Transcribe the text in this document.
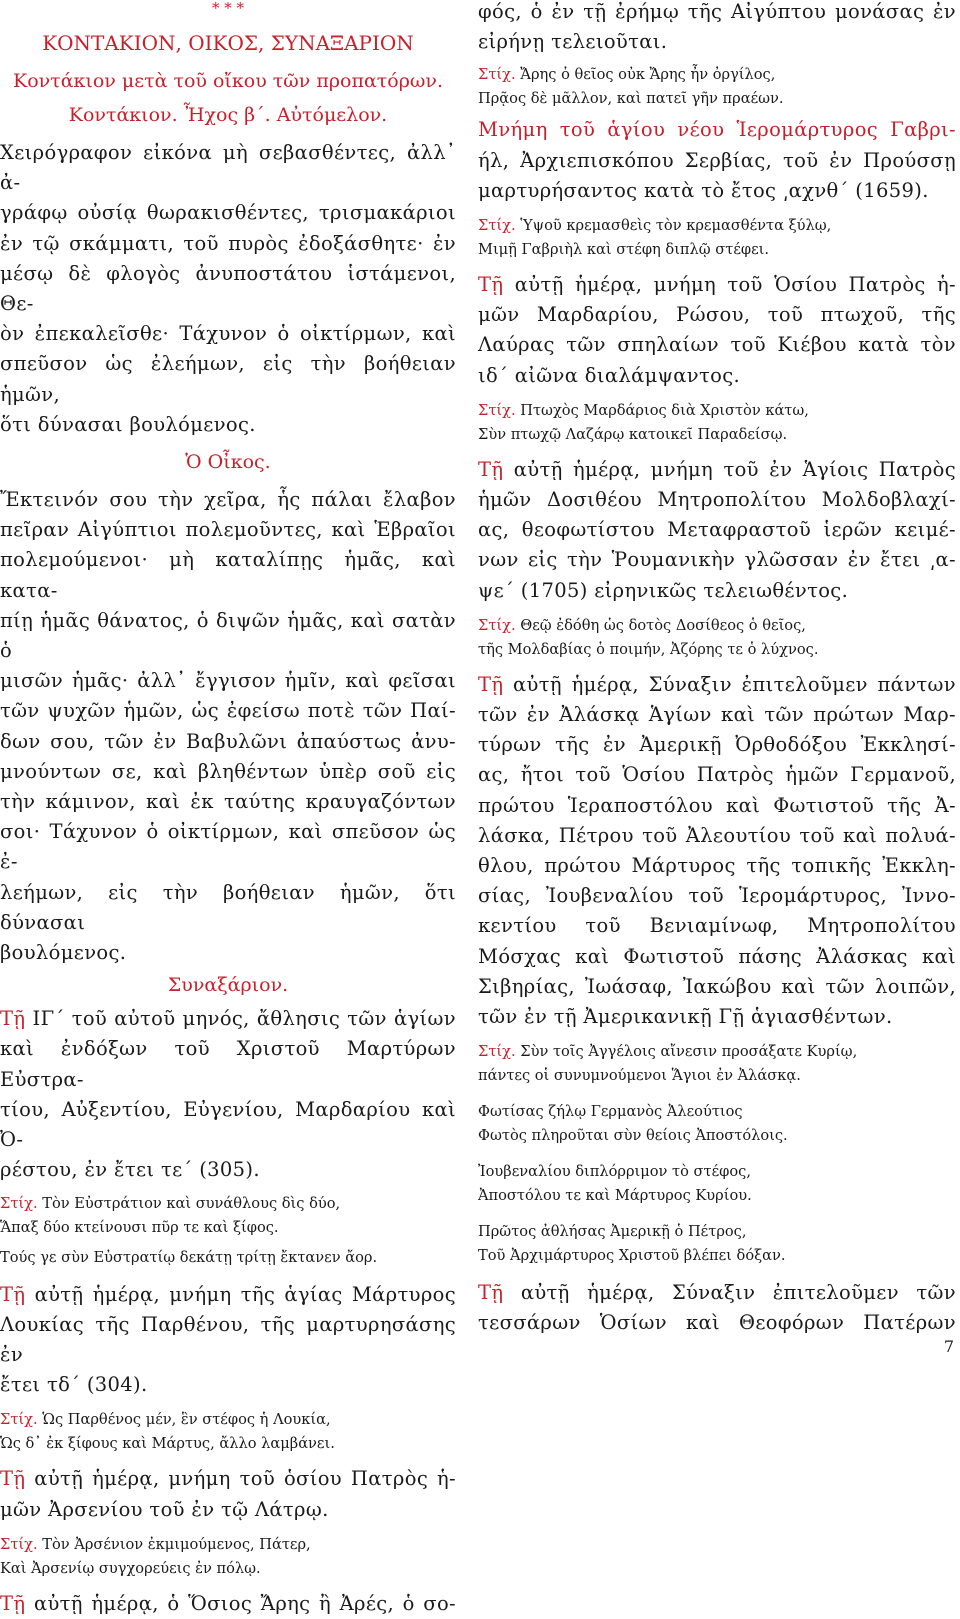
* * *
ΚΟΝΤΑΚΙΟΝ, ΟΙΚΟΣ, ΣΥΝΑΞΑΡΙΟΝ
Κοντάκιον μετὰ τοῦ οἴκου τῶν προπατόρων.
Κοντάκιον. Ἦχος β΄. Αὐτόμελον.

Χειρόγραφον εἰκόνα μὴ σεβασθέντες, ἀλλ᾽ ἀ-
γράφῳ οὐσίᾳ θωρακισθέντες, τρισμακάριοι
ἐν τῷ σκάμματι, τοῦ πυρὸς ἐδοξάσθητε· ἐν
μέσῳ δὲ φλογὸς ἀνυποστάτου ἱστάμενοι, Θε-
ὸν ἐπεκαλεῖσθε· Τάχυνον ὁ οἰκτίρμων, καὶ
σπεῦσον ὡς ἐλεήμων, εἰς τὴν βοήθειαν ἡμῶν,
ὅτι δύνασαι βουλόμενος.

Ὁ Οἶκος.

Ἔκτεινόν σου τὴν χεῖρα, ἧς πάλαι ἔλαβον
πεῖραν Αἰγύπτιοι πολεμοῦντες, καὶ Ἑβραῖοι
πολεμούμενοι· μὴ καταλίπῃς ἡμᾶς, καὶ κατα-
πίῃ ἡμᾶς θάνατος, ὁ διψῶν ἡμᾶς, καὶ σατὰν ὁ
μισῶν ἡμᾶς· ἀλλ᾽ ἔγγισον ἡμῖν, καὶ φεῖσαι
τῶν ψυχῶν ἡμῶν, ὡς ἐφείσω ποτὲ τῶν Παί-
δων σου, τῶν ἐν Βαβυλῶνι ἀπαύστως ἀνυ-
μνούντων σε, καὶ βληθέντων ὑπὲρ σοῦ εἰς
τὴν κάμινον, καὶ ἐκ ταύτης κραυγαζόντων
σοι· Τάχυνον ὁ οἰκτίρμων, καὶ σπεῦσον ὡς ἐ-
λεήμων, εἰς τὴν βοήθειαν ἡμῶν, ὅτι δύνασαι
βουλόμενος.

Συναξάριον.

Τῇ ΙΓ΄ τοῦ αὐτοῦ μηνός, ἄθλησις τῶν ἁγίων
καὶ ἐνδόξων τοῦ Χριστοῦ Μαρτύρων Εὐστρα-
τίου, Αὐξεντίου, Εὐγενίου, Μαρδαρίου καὶ Ὀ-
ρέστου, ἐν ἔτει τε΄ (305).

Στίχ. Τὸν Εὐστράτιον καὶ συνάθλους δὶς δύο,
Ἅπαξ δύο κτείνουσι πῦρ τε καὶ ξίφος.

Τούς γε σὺν Εὐστρατίῳ δεκάτῃ τρίτῃ ἔκτανεν ἄορ.

Τῇ αὐτῇ ἡμέρᾳ, μνήμη τῆς ἁγίας Μάρτυρος
Λουκίας τῆς Παρθένου, τῆς μαρτυρησάσης ἐν
ἔτει τδ΄ (304).

Στίχ. Ὡς Παρθένος μέν, ἓν στέφος ἡ Λουκία,
Ὡς δ᾽ ἐκ ξίφους καὶ Μάρτυς, ἄλλο λαμβάνει.

Τῇ αὐτῇ ἡμέρᾳ, μνήμη τοῦ ὁσίου Πατρὸς ἡ-
μῶν Ἀρσενίου τοῦ ἐν τῷ Λάτρῳ.

Στίχ. Τὸν Ἀρσένιον ἐκμιμούμενος, Πάτερ,
Καὶ Ἀρσενίῳ συγχορεύεις ἐν πόλῳ.

Τῇ αὐτῇ ἡμέρᾳ, ὁ Ὅσιος Ἄρης ἢ Ἀρές, ὁ σο-

φός, ὁ ἐν τῇ ἐρήμῳ τῆς Αἰγύπτου μονάσας ἐν
εἰρήνῃ τελειοῦται.

Στίχ. Ἄρης ὁ θεῖος οὐκ Ἄρης ἦν ὀργίλος,
Πρᾷος δὲ μᾶλλον, καὶ πατεῖ γῆν πραέων.

Μνήμη τοῦ ἁγίου νέου Ἱερομάρτυρος Γαβρι-
ήλ, Ἀρχιεπισκόπου Σερβίας, τοῦ ἐν Προύσσῃ
μαρτυρήσαντος κατὰ τὸ ἔτος ͵αχνθ΄ (1659).

Στίχ. Ὑψοῦ κρεμασθεὶς τὸν κρεμασθέντα ξύλῳ,
Μιμῇ Γαβριὴλ καὶ στέφη διπλῷ στέφει.

Τῇ αὐτῇ ἡμέρᾳ, μνήμη τοῦ Ὁσίου Πατρὸς ἡ-
μῶν Μαρδαρίου, Ρώσου, τοῦ πτωχοῦ, τῆς
Λαύρας τῶν σπηλαίων τοῦ Κιέβου κατὰ τὸν
ιδ΄ αἰῶνα διαλάμψαντος.

Στίχ. Πτωχὸς Μαρδάριος διὰ Χριστὸν κάτω,
Σὺν πτωχῷ Λαζάρῳ κατοικεῖ Παραδείσῳ.

Τῇ αὐτῇ ἡμέρᾳ, μνήμη τοῦ ἐν Ἁγίοις Πατρὸς
ἡμῶν Δοσιθέου Μητροπολίτου Μολδοβλαχί-
ας, θεοφωτίστου Μεταφραστοῦ ἱερῶν κειμέ-
νων εἰς τὴν Ῥουμανικὴν γλῶσσαν ἐν ἔτει ͵α-
ψε΄ (1705) εἰρηνικῶς τελειωθέντος.

Στίχ. Θεῷ ἐδόθη ὡς δοτὸς Δοσίθεος ὁ θεῖος,
τῆς Μολδαβίας ὁ ποιμήν, Ἀζόρης τε ὁ λύχνος.

Τῇ αὐτῇ ἡμέρᾳ, Σύναξιν ἐπιτελοῦμεν πάντων
τῶν ἐν Ἀλάσκᾳ Ἁγίων καὶ τῶν πρώτων Μαρ-
τύρων τῆς ἐν Ἀμερικῇ Ὀρθοδόξου Ἐκκλησί-
ας, ἤτοι τοῦ Ὁσίου Πατρὸς ἡμῶν Γερμανοῦ,
πρώτου Ἱεραποστόλου καὶ Φωτιστοῦ τῆς Ἀ-
λάσκα, Πέτρου τοῦ Ἀλεουτίου τοῦ καὶ πολυά-
θλου, πρώτου Μάρτυρος τῆς τοπικῆς Ἐκκλη-
σίας, Ἰουβεναλίου τοῦ Ἱερομάρτυρος, Ἰννο-
κεντίου τοῦ Βενιαμίνωφ, Μητροπολίτου
Μόσχας καὶ Φωτιστοῦ πάσης Ἀλάσκας καὶ
Σιβηρίας, Ἰωάσαφ, Ἰακώβου καὶ τῶν λοιπῶν,
τῶν ἐν τῇ Ἀμερικανικῇ Γῇ ἁγιασθέντων.

Στίχ. Σὺν τοῖς Ἀγγέλοις αἴνεσιν προσάξατε Κυρίῳ,
πάντες οἱ συνυμνούμενοι Ἅγιοι ἐν Ἀλάσκᾳ.

Φωτίσας ζήλῳ Γερμανὸς Ἀλεούτιος
Φωτὸς πληροῦται σὺν θείοις Ἀποστόλοις.

Ἰουβεναλίου διπλόρριμον τὸ στέφος,
Ἀποστόλου τε καὶ Μάρτυρος Κυρίου.

Πρῶτος ἀθλήσας Ἀμερικῇ ὁ Πέτρος,
Τοῦ Ἀρχιμάρτυρος Χριστοῦ βλέπει δόξαν.

Τῇ αὐτῇ ἡμέρᾳ, Σύναξιν ἐπιτελοῦμεν τῶν
τεσσάρων Ὁσίων καὶ Θεοφόρων Πατέρων

7
